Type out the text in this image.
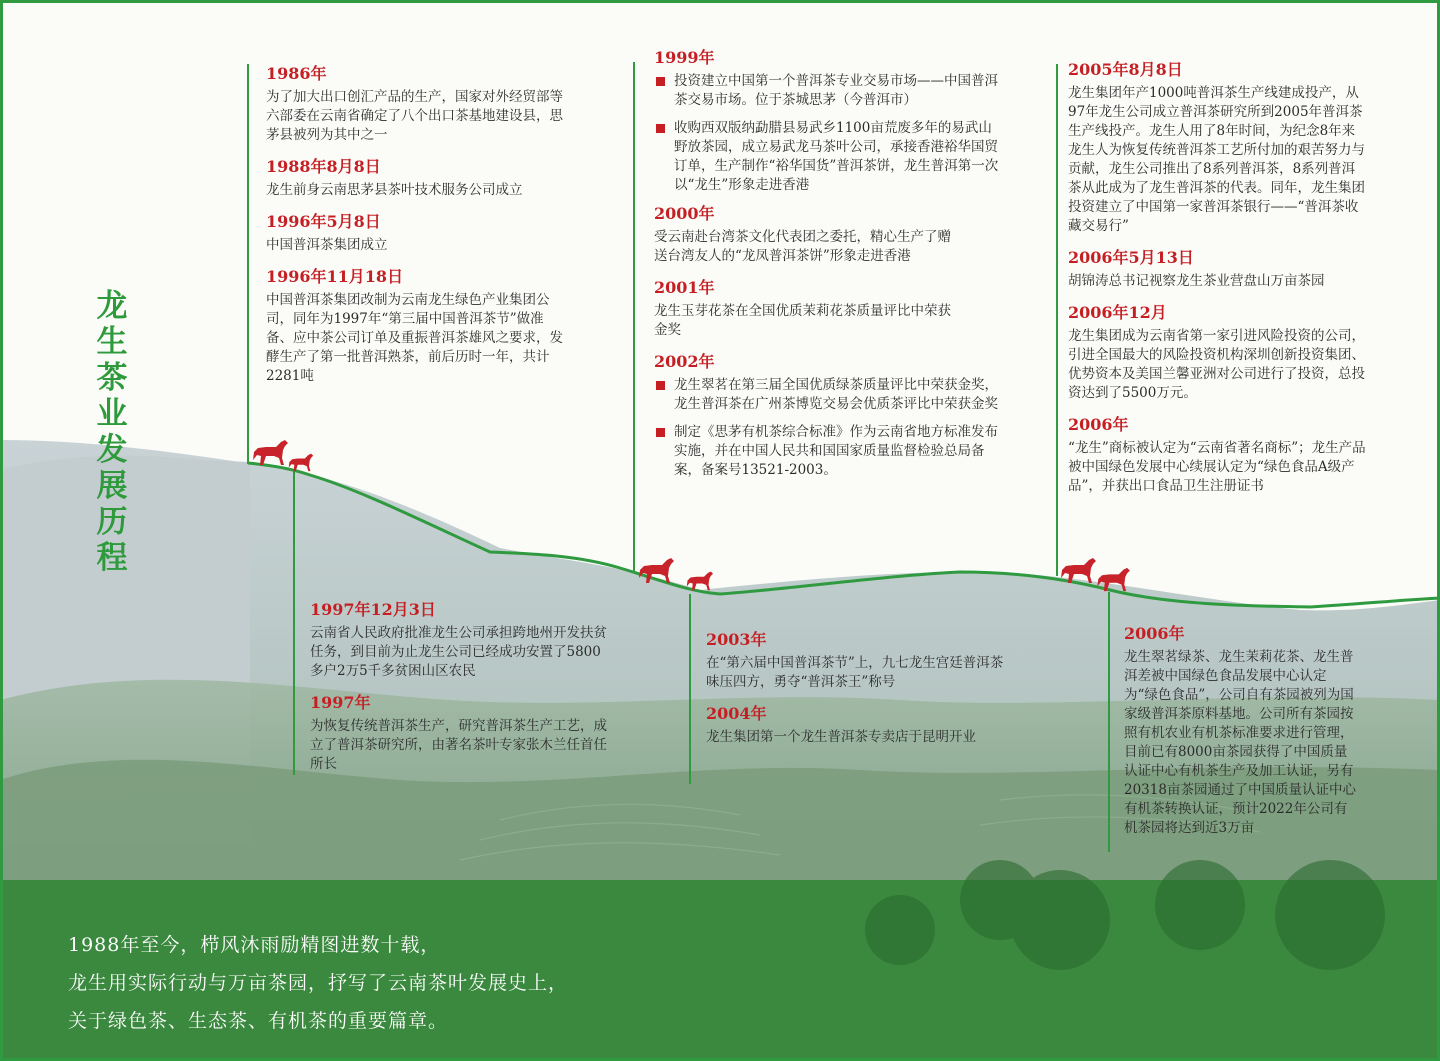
龙生茶业发展历程
1986年
为了加大出口创汇产品的生产，国家对外经贸部等六部委在云南省确定了八个出口茶基地建设县，思茅县被列为其中之一
1988年8月8日
龙生前身云南思茅县茶叶技术服务公司成立
1996年5月8日
中国普洱茶集团成立
1996年11月18日
中国普洱茶集团改制为云南龙生绿色产业集团公司，同年为1997年“第三届中国普洱茶节”做准备、应中茶公司订单及重振普洱茶雄风之要求，发酵生产了第一批普洱熟茶，前后历时一年，共计2281吨
1999年
投资建立中国第一个普洱茶专业交易市场——中国普洱茶交易市场。位于茶城思茅（今普洱市）
收购西双版纳勐腊县易武乡1100亩荒废多年的易武山野放茶园，成立易武龙马茶叶公司，承接香港裕华国贸订单，生产制作“裕华国货”普洱茶饼，龙生普洱第一次以“龙生”形象走进香港
2000年
受云南赴台湾茶文化代表团之委托，精心生产了赠送台湾友人的“龙凤普洱茶饼”形象走进香港
2001年
龙生玉芽花茶在全国优质茉莉花茶质量评比中荣获金奖
2002年
龙生翠茗在第三届全国优质绿茶质量评比中荣获金奖，龙生普洱茶在广州茶博览交易会优质茶评比中荣获金奖
制定《思茅有机茶综合标准》作为云南省地方标准发布实施，并在中国人民共和国国家质量监督检验总局备案，备案号13521-2003。
2005年8月8日
龙生集团年产1000吨普洱茶生产线建成投产，从97年龙生公司成立普洱茶研究所到2005年普洱茶生产线投产。龙生人用了8年时间，为纪念8年来龙生人为恢复传统普洱茶工艺所付加的艰苦努力与贡献，龙生公司推出了8系列普洱茶，8系列普洱茶从此成为了龙生普洱茶的代表。同年，龙生集团投资建立了中国第一家普洱茶银行——“普洱茶收藏交易行”
2006年5月13日
胡锦涛总书记视察龙生茶业营盘山万亩茶园
2006年12月
龙生集团成为云南省第一家引进风险投资的公司，引进全国最大的风险投资机构深圳创新投资集团、优势资本及美国兰馨亚洲对公司进行了投资，总投资达到了5500万元。
2006年
“龙生”商标被认定为“云南省著名商标”；龙生产品被中国绿色发展中心续展认定为“绿色食品A级产品”，并获出口食品卫生注册证书
1997年12月3日
云南省人民政府批准龙生公司承担跨地州开发扶贫任务，到目前为止龙生公司已经成功安置了5800多户2万5千多贫困山区农民
1997年
为恢复传统普洱茶生产，研究普洱茶生产工艺，成立了普洱茶研究所，由著名茶叶专家张木兰任首任所长
2003年
在“第六届中国普洱茶节”上，九七龙生宫廷普洱茶味压四方，勇夺“普洱茶王”称号
2004年
龙生集团第一个龙生普洱茶专卖店于昆明开业
2006年
龙生翠茗绿茶、龙生茉莉花茶、龙生普洱差被中国绿色食品发展中心认定为“绿色食品”，公司自有茶园被列为国家级普洱茶原料基地。公司所有茶园按照有机农业有机茶标准要求进行管理，目前已有8000亩茶园获得了中国质量认证中心有机茶生产及加工认证，另有20318亩茶园通过了中国质量认证中心有机茶转换认证，预计2022年公司有机茶园将达到近3万亩
1988年至今，栉风沐雨励精图进数十载，
龙生用实际行动与万亩茶园，抒写了云南茶叶发展史上，
关于绿色茶、生态茶、有机茶的重要篇章。
